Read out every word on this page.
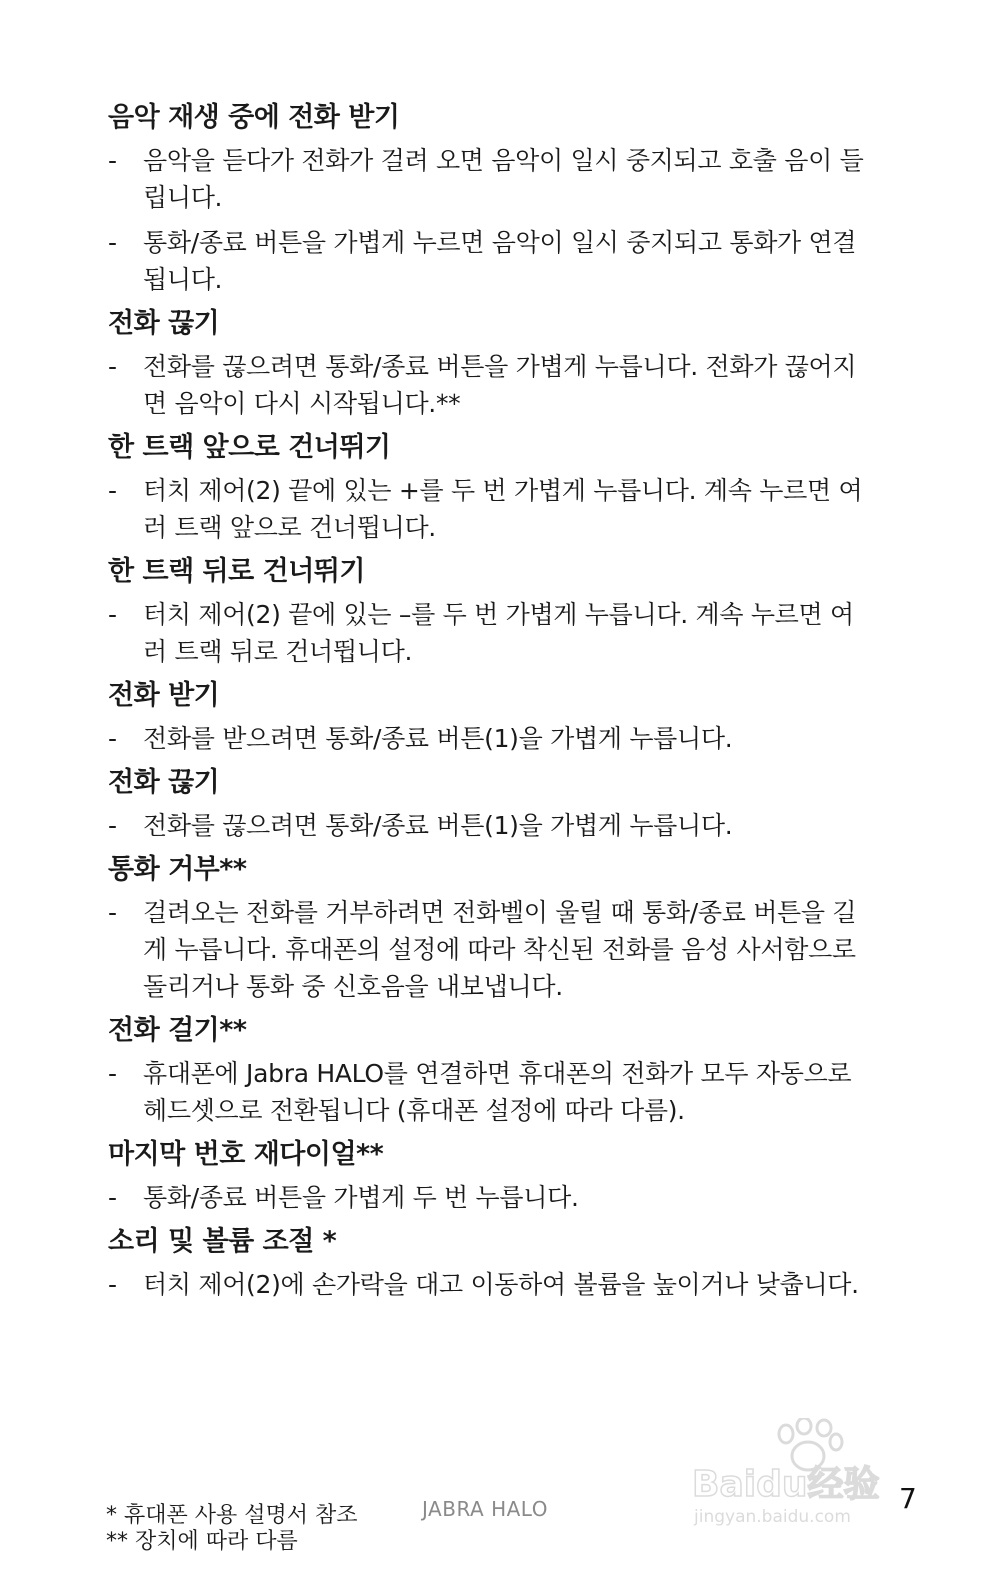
음악 재생 중에 전화 받기
-	음악을 듣다가 전화가 걸려 오면 음악이 일시 중지되고 호출 음이 들립니다.
-	통화/종료 버튼을 가볍게 누르면 음악이 일시 중지되고 통화가 연결됩니다.
전화 끊기
-	전화를 끊으려면 통화/종료 버튼을 가볍게 누릅니다. 전화가 끊어지면 음악이 다시 시작됩니다.**
한 트랙 앞으로 건너뛰기
-	터치 제어(2) 끝에 있는 +를 두 번 가볍게 누릅니다. 계속 누르면 여러 트랙 앞으로 건너뜁니다.
한 트랙 뒤로 건너뛰기
-	터치 제어(2) 끝에 있는 –를 두 번 가볍게 누릅니다. 계속 누르면 여러 트랙 뒤로 건너뜁니다.
전화 받기
-	전화를 받으려면 통화/종료 버튼(1)을 가볍게 누릅니다.
전화 끊기
-	전화를 끊으려면 통화/종료 버튼(1)을 가볍게 누릅니다.
통화 거부**
-	걸려오는 전화를 거부하려면 전화벨이 울릴 때 통화/종료 버튼을 길게 누릅니다. 휴대폰의 설정에 따라 착신된 전화를 음성 사서함으로 돌리거나 통화 중 신호음을 내보냅니다.
전화 걸기**
-	휴대폰에 Jabra HALO를 연결하면 휴대폰의 전화가 모두 자동으로 헤드셋으로 전환됩니다 (휴대폰 설정에 따라 다름).
마지막 번호 재다이얼**
-	통화/종료 버튼을 가볍게 두 번 누릅니다.
소리 및 볼륨 조절 *
-	터치 제어(2)에 손가락을 대고 이동하여 볼륨을 높이거나 낮춥니다.
* 휴대폰 사용 설명서 참조
** 장치에 따라 다름
JABRA HALO	7
Baidu经验
jingyan.baidu.com
